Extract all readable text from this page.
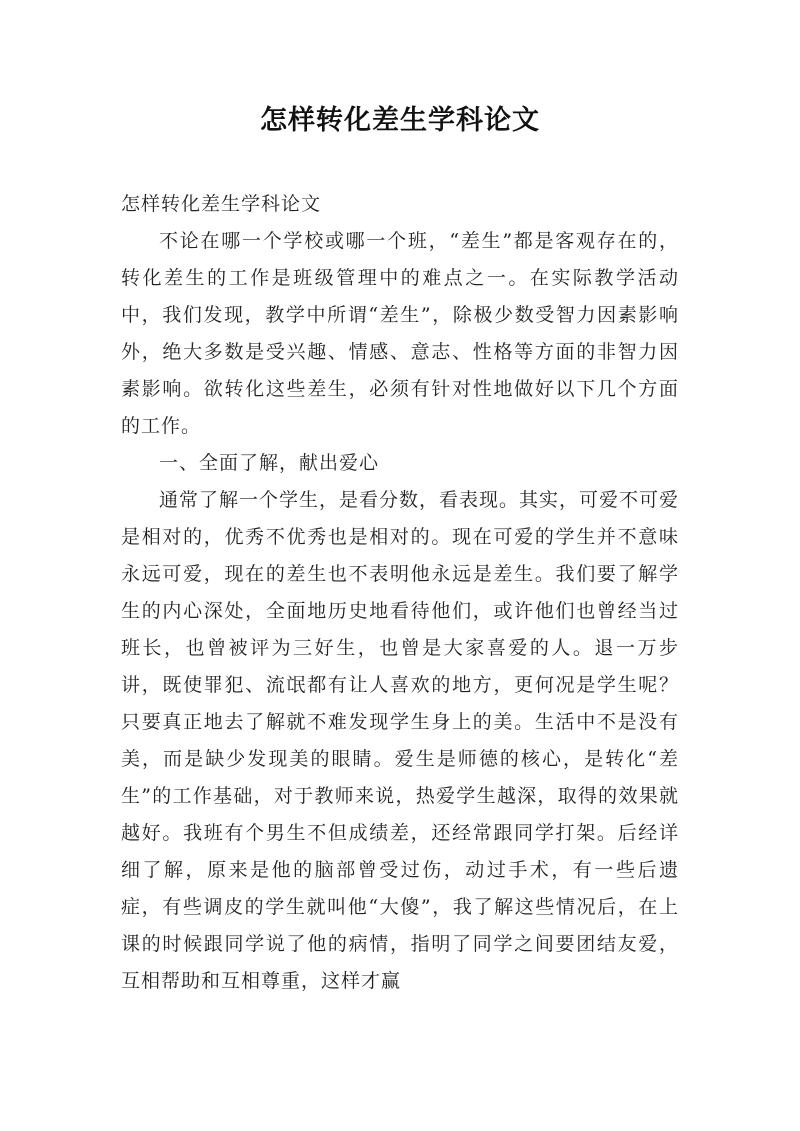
怎样转化差生学科论文
怎样转化差生学科论文

不论在哪一个学校或哪一个班，“差生”都是客观存在的，转化差生的工作是班级管理中的难点之一。在实际教学活动中，我们发现，教学中所谓“差生”，除极少数受智力因素影响外，绝大多数是受兴趣、情感、意志、性格等方面的非智力因素影响。欲转化这些差生，必须有针对性地做好以下几个方面的工作。

一、全面了解，献出爱心

通常了解一个学生，是看分数，看表现。其实，可爱不可爱是相对的，优秀不优秀也是相对的。现在可爱的学生并不意味永远可爱，现在的差生也不表明他永远是差生。我们要了解学生的内心深处，全面地历史地看待他们，或许他们也曾经当过班长，也曾被评为三好生，也曾是大家喜爱的人。退一万步讲，既使罪犯、流氓都有让人喜欢的地方，更何况是学生呢？只要真正地去了解就不难发现学生身上的美。生活中不是没有美，而是缺少发现美的眼睛。爱生是师德的核心，是转化“差生”的工作基础，对于教师来说，热爱学生越深，取得的效果就越好。我班有个男生不但成绩差，还经常跟同学打架。后经详细了解，原来是他的脑部曾受过伤，动过手术，有一些后遗症，有些调皮的学生就叫他“大傻”，我了解这些情况后，在上课的时候跟同学说了他的病情，指明了同学之间要团结友爱，互相帮助和互相尊重，这样才赢
